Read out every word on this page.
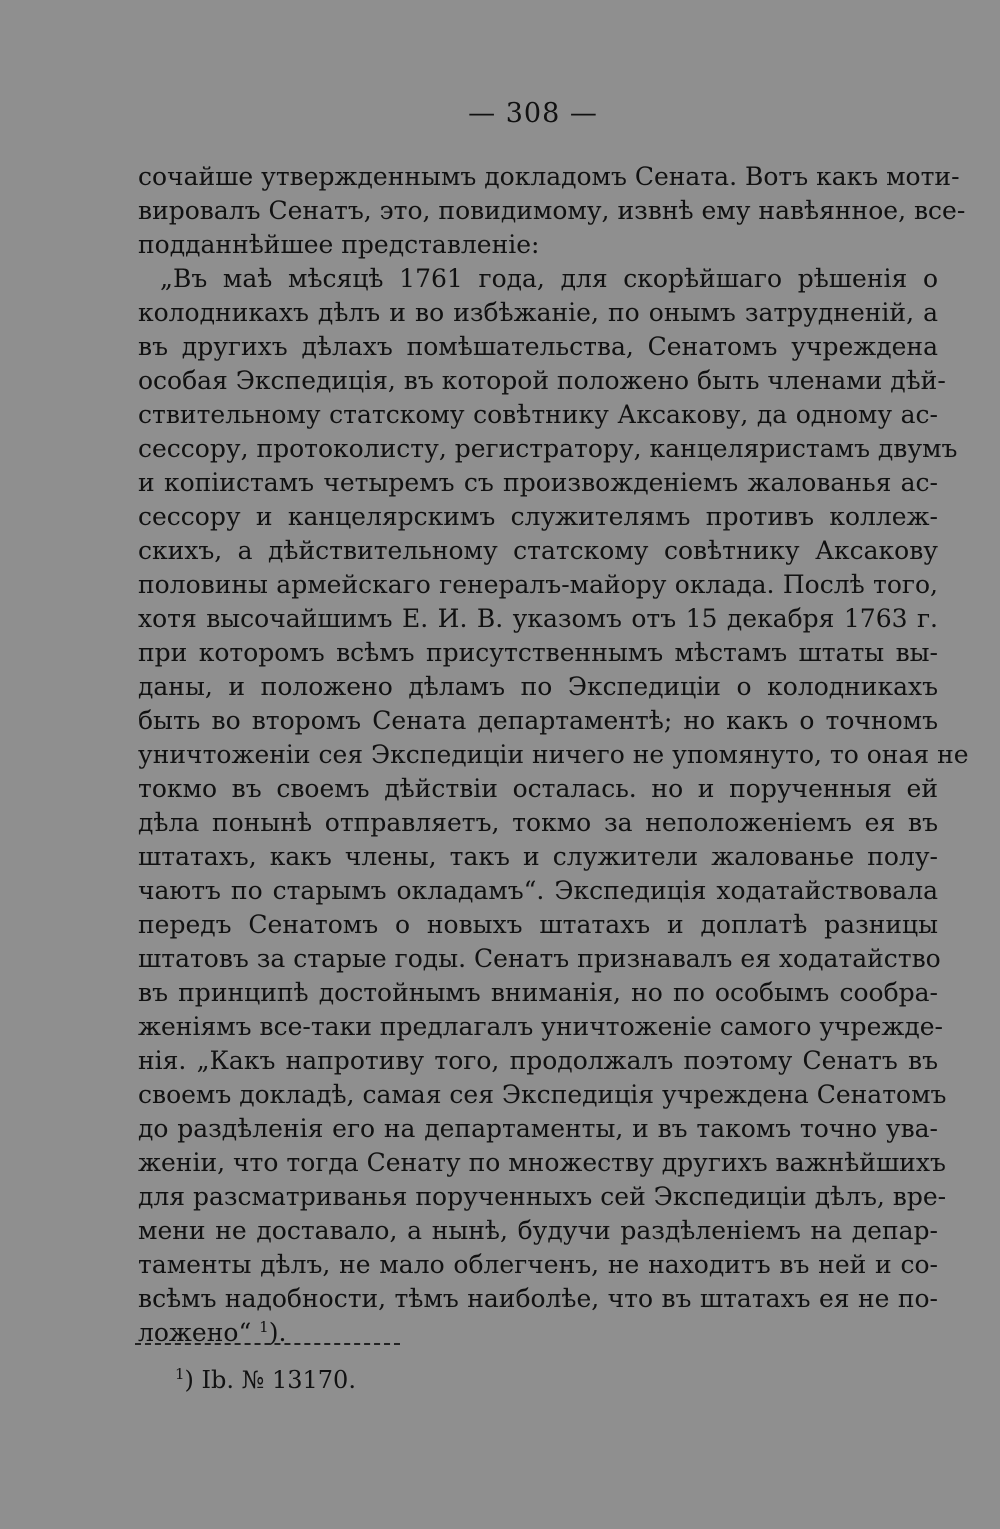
— 308 —
сочайше утвержденнымъ докладомъ Сената. Вотъ какъ моти-
вировалъ Сенатъ, это, повидимому, извнѣ ему навѣянное, все-
подданнѣйшее представленіе:
„Въ маѣ мѣсяцѣ 1761 года, для скорѣйшаго рѣшенія о
колодникахъ дѣлъ и во избѣжаніе, по онымъ затрудненій, а
въ другихъ дѣлахъ помѣшательства, Сенатомъ учреждена
особая Экспедиція, въ которой положено быть членами дѣй-
ствительному статскому совѣтнику Аксакову, да одному ас-
сессору, протоколисту, регистратору, канцеляристамъ двумъ
и копіистамъ четыремъ съ произвожденіемъ жалованья ас-
сессору и канцелярскимъ служителямъ противъ коллеж-
скихъ, а дѣйствительному статскому совѣтнику Аксакову
половины армейскаго генералъ-майору оклада. Послѣ того,
хотя высочайшимъ Е. И. В. указомъ отъ 15 декабря 1763 г.
при которомъ всѣмъ присутственнымъ мѣстамъ штаты вы-
даны, и положено дѣламъ по Экспедиціи о колодникахъ
быть во второмъ Сената департаментѣ; но какъ о точномъ
уничтоженіи сея Экспедиціи ничего не упомянуто, то оная не
токмо въ своемъ дѣйствіи осталась. но и порученныя ей
дѣла понынѣ отправляетъ, токмо за неположеніемъ ея въ
штатахъ, какъ члены, такъ и служители жалованье полу-
чаютъ по старымъ окладамъ“. Экспедиція ходатайствовала
передъ Сенатомъ о новыхъ штатахъ и доплатѣ разницы
штатовъ за старые годы. Сенатъ признавалъ ея ходатайство
въ принципѣ достойнымъ вниманія, но по особымъ сообра-
женіямъ все-таки предлагалъ уничтоженіе самого учрежде-
нія. „Какъ напротиву того, продолжалъ поэтому Сенатъ въ
своемъ докладѣ, самая сея Экспедиція учреждена Сенатомъ
до раздѣленія его на департаменты, и въ такомъ точно ува-
женіи, что тогда Сенату по множеству другихъ важнѣйшихъ
для разсматриванья порученныхъ сей Экспедиціи дѣлъ, вре-
мени не доставало, а нынѣ, будучи раздѣленіемъ на депар-
таменты дѣлъ, не мало облегченъ, не находитъ въ ней и со-
всѣмъ надобности, тѣмъ наиболѣе, что въ штатахъ ея не по-
ложено“ $^1$).
$^1$) Ib. № 13170.
